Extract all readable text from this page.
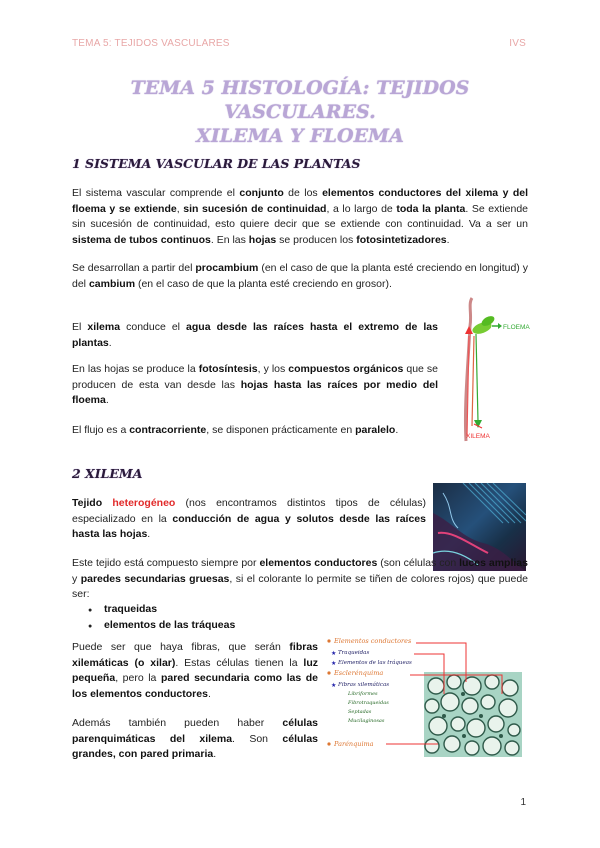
TEMA 5: TEJIDOS VASCULARES	IVS
TEMA 5 HISTOLOGÍA: TEJIDOS VASCULARES.
XILEMA Y FLOEMA
1 SISTEMA VASCULAR DE LAS PLANTAS
El sistema vascular comprende el conjunto de los elementos conductores del xilema y del floema y se extiende, sin sucesión de continuidad, a lo largo de toda la planta. Se extiende sin sucesión de continuidad, esto quiere decir que se extiende con continuidad. Va a ser un sistema de tubos continuos. En las hojas se producen los fotosintetizadores.
Se desarrollan a partir del procambium (en el caso de que la planta esté creciendo en longitud) y del cambium (en el caso de que la planta esté creciendo en grosor).
El xilema conduce el agua desde las raíces hasta el extremo de las plantas.
En las hojas se produce la fotosíntesis, y los compuestos orgánicos que se producen de esta van desde las hojas hasta las raíces por medio del floema.
El flujo es a contracorriente, se disponen prácticamente en paralelo.
FLOEMA
XILEMA
2 XILEMA
Tejido heterogéneo (nos encontramos distintos tipos de células) especializado en la conducción de agua y solutos desde las raíces hasta las hojas.
Este tejido está compuesto siempre por elementos conductores (son células con luces amplias y paredes secundarias gruesas, si el colorante lo permite se tiñen de colores rojos) que puede ser:
● traqueidas
● elementos de las tráqueas
Puede ser que haya fibras, que serán fibras xilemáticas (o xilar). Estas células tienen la luz pequeña, pero la pared secundaria como las de los elementos conductores.
Además también pueden haber células parenquimáticas del xilema. Son células grandes, con pared primaria.
Elementos conductores
Traqueidas
Elementos de las tráqueas
Esclerénquima
Fibras xilemáticas
Libriformes
Fibrotraqueidas
Septadas
Mucilaginosas
Parénquima
★
★
★
1
